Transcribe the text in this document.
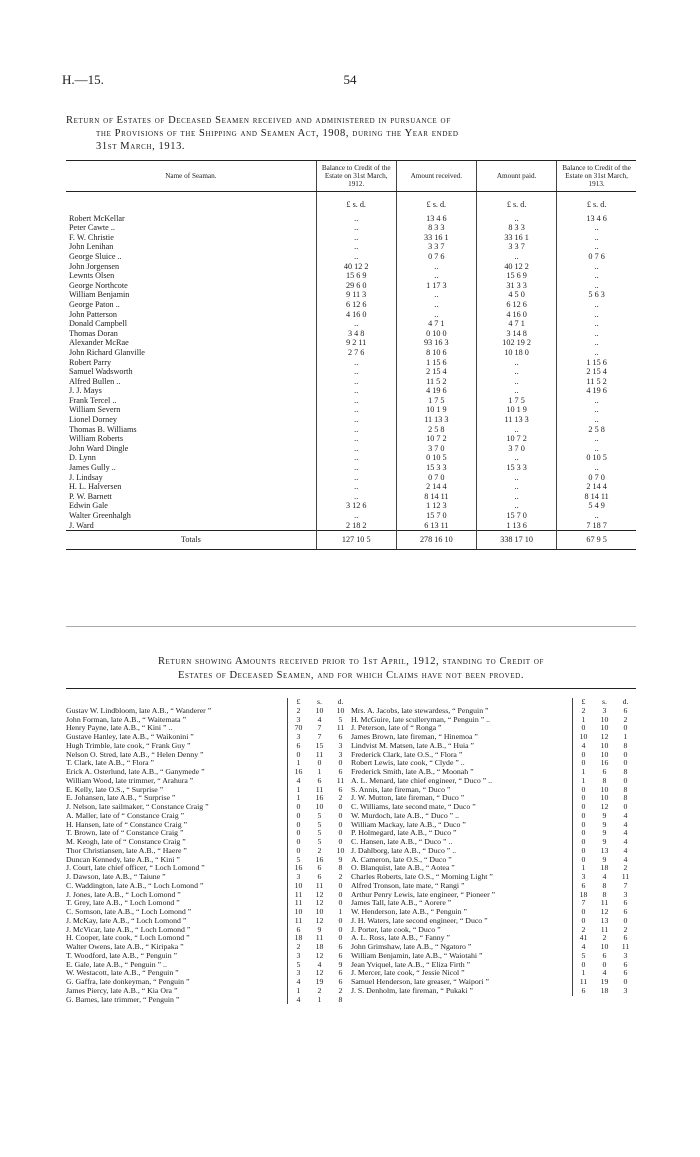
H.—15.	54
Return of Estates of Deceased Seamen received and administered in pursuance of
the Provisions of the Shipping and Seamen Act, 1908, during the Year ended
31st March, 1913.
Name of Seaman.	Balance to Credit of the Estate on 31st March, 1912.	Amount received.	Amount paid.	Balance to Credit of the Estate on 31st March, 1913.
	£ s. d.	£ s. d.	£ s. d.	£ s. d.
Robert McKellar	..	13 4 6	..	13 4 6
Peter Cawte ..	..	8 3 3	8 3 3	..
F. W. Christie	..	33 16 1	33 16 1	..
John Lenihan	..	3 3 7	3 3 7	..
George Sluice ..	..	0 7 6	..	0 7 6
John Jorgensen	40 12 2	..	40 12 2	..
Lewnts Olsen	15 6 9	..	15 6 9	..
George Northcote	29 6 0	1 17 3	31 3 3	..
William Benjamin	9 11 3	..	4 5 0	5 6 3
George Paton ..	6 12 6	..	6 12 6	..
John Patterson	4 16 0	..	4 16 0	..
Donald Campbell	..	4 7 1	4 7 1	..
Thomas Doran	3 4 8	0 10 0	3 14 8	..
Alexander McRae	9 2 11	93 16 3	102 19 2	..
John Richard Glanville	2 7 6	8 10 6	10 18 0	..
Robert Parry	..	1 15 6	..	1 15 6
Samuel Wadsworth	..	2 15 4	..	2 15 4
Alfred Bullen ..	..	11 5 2	..	11 5 2
J. J. Mays	..	4 19 6	..	4 19 6
Frank Tercel ..	..	1 7 5	1 7 5	..
William Severn	..	10 1 9	10 1 9	..
Lionel Dorney	..	11 13 3	11 13 3	..
Thomas B. Williams	..	2 5 8	..	2 5 8
William Roberts	..	10 7 2	10 7 2	..
John Ward Dingle	..	3 7 0	3 7 0	..
D. Lynn	..	0 10 5	..	0 10 5
James Gully ..	..	15 3 3	15 3 3	..
J. Lindsay	..	0 7 0	..	0 7 0
H. L. Halversen	..	2 14 4	..	2 14 4
P. W. Barnett	..	8 14 11	..	8 14 11
Edwin Gale	3 12 6	1 12 3	..	5 4 9
Walter Greenhalgh	..	15 7 0	15 7 0	..
J. Ward	2 18 2	6 13 11	1 13 6	7 18 7
Totals	127 10 5	278 16 10	338 17 10	67 9 5
Return showing Amounts received prior to 1st April, 1912, standing to Credit of
Estates of Deceased Seamen, and for which Claims have not been proved.
£	s.	d.
Gustav W. Lindbloom, late A.B., “ Wanderer ”	2	10	10
John Forman, late A.B., “ Waitemata ”	3	4	5
Henry Payne, late A.B., “ Kini ” ..	70	7	11
Gustave Hanley, late A.B., “ Waikonini ”	3	7	6
Hugh Trimble, late cook, “ Frank Guy ”	6	15	3
Nelson O. Stred, late A.B., “ Helen Denny ”	0	11	3
T. Clark, late A.B., “ Flora ”	1	0	0
Erick A. Osterlund, late A.B., “ Ganymede ”	16	1	6
William Wood, late trimmer, “ Arahura ”	4	6	11
E. Kelly, late O.S., “ Surprise ”	1	11	6
E. Johansen, late A.B., “ Surprise ”	1	16	2
J. Nelson, late sailmaker, “ Constance Craig ”	0	10	0
A. Maller, late of “ Constance Craig ”	0	5	0
H. Hansen, late of “ Constance Craig ”	0	5	0
T. Brown, late of “ Constance Craig ”	0	5	0
M. Keogh, late of “ Constance Craig ”	0	5	0
Thor Christiansen, late A.B., “ Haere ”	0	2	10
Duncan Kennedy, late A.B., “ Kini ”	5	16	9
J. Court, late chief officer, “ Loch Lomond ”	16	6	8
J. Dawson, late A.B., “ Taiune ”	3	6	2
C. Waddington, late A.B., “ Loch Lomond ”	10	11	0
J. Jones, late A.B., “ Loch Lomond ”	11	12	0
T. Grey, late A.B., “ Loch Lomond ”	11	12	0
C. Sornson, late A.B., “ Loch Lomond ”	10	10	1
J. McKay, late A.B., “ Loch Lomond ”	11	12	0
J. McVicar, late A.B., “ Loch Lomond ”	6	9	0
H. Cooper, late cook, “ Loch Lomond ”	18	11	0
Walter Owens, late A.B., “ Kiripaka ”	2	18	6
T. Woodford, late A.B., “ Penguin ”	3	12	6
E. Gale, late A.B., “ Penguin ” ..	5	4	9
W. Westacott, late A.B., “ Penguin ”	3	12	6
G. Gaffra, late donkeyman, “ Penguin ”	4	19	6
James Piercy, late A.B., “ Kia Ora ”	1	2	2
G. Barnes, late trimmer, “ Penguin ”	4	1	8
£	s.	d.
Mrs. A. Jacobs, late stewardess, “ Penguin ”	2	3	6
H. McGuire, late sculleryman, “ Penguin ” ..	1	10	2
J. Peterson, late of “ Ronga ”	0	10	0
James Brown, late fireman, “ Hinemoa ”	10	12	1
Lindvist M. Matsen, late A.B., “ Huia ”	4	10	8
Frederick Clark, late O.S., “ Flora ”	0	10	0
Robert Lewis, late cook, “ Clyde ” ..	0	16	0
Frederick Smith, late A.B., “ Moonah ”	1	6	8
A. L. Menard, late chief engineer, “ Duco ” ..	1	8	0
S. Annis, late fireman, “ Duco ”	0	10	8
J. W. Mutton, late fireman, “ Duco ”	0	10	8
C. Williams, late second mate, “ Duco ”	0	12	0
W. Murdoch, late A.B., “ Duco ” ..	0	9	4
William Mackay, late A.B., “ Duco ”	0	9	4
P. Holmegard, late A.B., “ Duco ”	0	9	4
C. Hansen, late A.B., “ Duco ” ..	0	9	4
J. Dahlborg, late A.B., “ Duco ” ..	0	13	4
A. Cameron, late O.S., “ Duco ”	0	9	4
O. Blanquist, late A.B., “ Aotea ”	1	18	2
Charles Roberts, late O.S., “ Morning Light ”	3	4	11
Alfred Tronson, late mate, “ Rangi ”	6	8	7
Arthur Penry Lewis, late engineer, “ Pioneer ”	18	8	3
James Tall, late A.B., “ Aorere ”	7	11	6
W. Henderson, late A.B., “ Penguin ”	0	12	6
J. H. Waters, late second engineer, “ Duco ”	0	13	0
J. Porter, late cook, “ Duco ”	2	11	2
A. L. Ross, late A.B., “ Fanny ”	41	2	6
John Grimshaw, late A.B., “ Ngatoro ”	4	10	11
William Benjamin, late A.B., “ Waiotahi ”	5	6	3
Jean Yviquel, late A.B., “ Eliza Firth ”	0	0	6
J. Mercer, late cook, “ Jessie Nicol ”	1	4	6
Samuel Henderson, late greaser, “ Waipori ”	11	19	0
J. S. Denholm, late fireman, “ Pukaki ”	6	18	3
